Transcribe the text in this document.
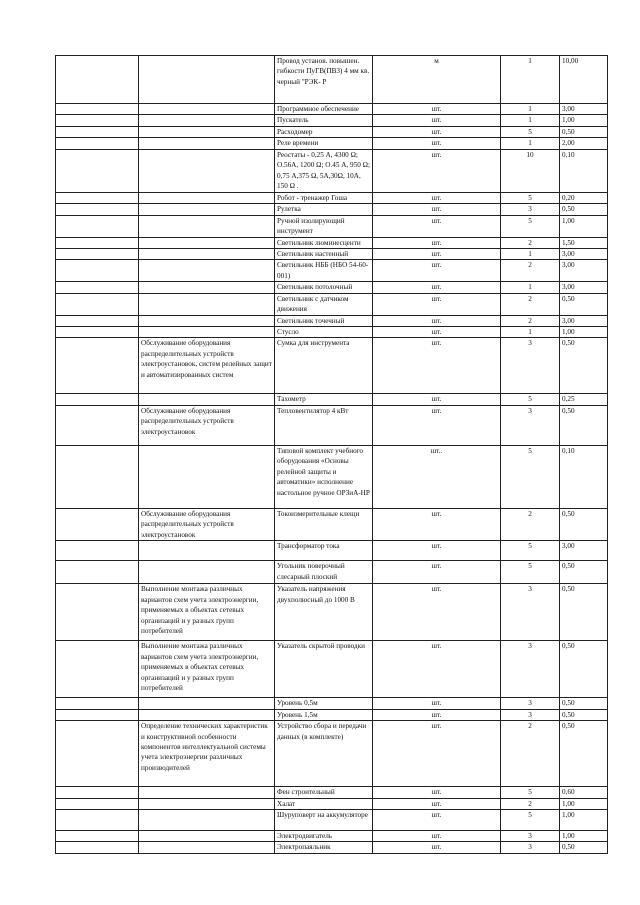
		Провод установ. повышен. гибкости ПуГВ(ПВ3) 4 мм кв. черный "РЭК- Р	м	1	10,00
		Программное обеспечение	шт.	1	3,00
		Пускатель	шт.	1	1,00
		Расходомер	шт.	5	0,50
		Реле времени	шт.	1	2,00
		Реостаты - 0,25 А, 4300 Ω; О.56А, 1200 Ω; О.45 А, 950 Ω; 0,75 А,375 Ω, 5А,30Ω, 10А, 150 Ω .	шт.	10	0,10
		Робот - тренажер Гоша	шт.	5	0,20
		Рулетка	шт.	3	0,50
		Ручной изолирующий инструмент	шт.	5	1,00
		Светильник люминесценти	шт.	2	1,50
		Светильник настенный	шт.	1	3,00
		Светильник НББ (НБО 54-60-001)	шт.	2	3,00
		Светильник потолочный	шт.	1	3,00
		Светильник с датчиком движения	шт.	2	0,50
		Светильник точечный	шт.	2	3,00
		Стусло	шт.	1	1,00
	Обслуживание оборудования распределительных устройств электроустановок, систем релейных защит и автоматизированных систем	Сумка для инструмента	шт.	3	0,50
		Тахометр	шт.	5	0,25
	Обслуживание оборудования распределительных устройств электроустановок	Тепловентилятор 4 кВт	шт.	3	0,50
		Типовой комплект учебного оборудования «Основы релейной защиты и автоматики» исполнение настольное ручное ОРЗиА-НР	шт..	5	0,10
	Обслуживание оборудования распределительных устройств электроустановок	Токоизмерительные клещи	шт.	2	0,50
		Трансформатор тока	шт.	5	3,00
		Угольник поверочный слесарный плоский	шт.	5	0,50
	Выполнение монтажа различных вариантов схем учета электроэнергии, применяемых в объектах сетевых организаций и у разных групп потребителей	Указатель напряжения двухполюсный до 1000 В	шт.	3	0,50
	Выполнение монтажа различных вариантов схем учета электроэнергии, применяемых в объектах сетевых организаций и у разных групп потребителей	Указатель скрытой проводки	шт.	3	0,50
		Уровень 0,5м	шт.	3	0,50
		Уровень 1,5м	шт.	3	0,50
	Определение технических характеристик и конструктивной особенности компонентов интеллектуальной системы учета электроэнергии различных производителей	Устройство сбора и передачи данных (в комплекте)	шт.	2	0,50
		Фен строительный	шт.	5	0,60
		Халат	шт.	2	1,00
		Шуруповерт на аккумуляторе	шт.	5	1,00
		Электродвигатель	шт.	3	1,00
		Электропаяльник	шт.	3	0,50
